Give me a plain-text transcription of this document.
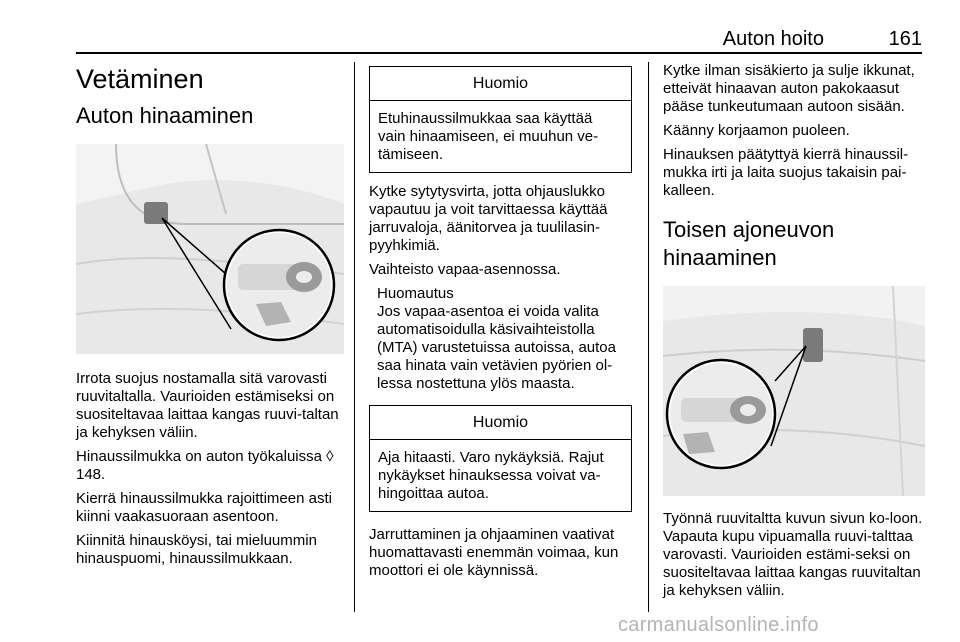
Auton hoito	161
Vetäminen
Auton hinaaminen

Irrota suojus nostamalla sitä varovasti ruuvitaltalla. Vaurioiden estämiseksi on suositeltavaa laittaa kangas ruuvi-taltan ja kehyksen väliin.

Hinaussilmukka on auton työkaluissa ◊ 148.

Kierrä hinaussilmukka rajoittimeen asti kiinni vaakasuoraan asentoon.

Kiinnitä hinausköysi, tai mieluummin hinauspuomi, hinaussilmukkaan.

Huomio
Etuhinaussilmukkaa saa käyttää vain hinaamiseen, ei muuhun ve-tämiseen.

Kytke sytytysvirta, jotta ohjauslukko vapautuu ja voit tarvittaessa käyttää jarruvaloja, äänitorvea ja tuulilasin-pyyhkimiä.

Vaihteisto vapaa-asennossa.

Huomautus
Jos vapaa-asentoa ei voida valita automatisoidulla käsivaihteistolla (MTA) varustetuissa autoissa, autoa saa hinata vain vetävien pyörien ol-lessa nostettuna ylös maasta.
Huomio
Aja hitaasti. Varo nykäyksiä. Rajut nykäykset hinauksessa voivat va-hingoittaa autoa.

Jarruttaminen ja ohjaaminen vaativat huomattavasti enemmän voimaa, kun moottori ei ole käynnissä.

Kytke ilman sisäkierto ja sulje ikkunat, etteivät hinaavan auton pakokaasut pääse tunkeutumaan autoon sisään.

Käänny korjaamon puoleen.

Hinauksen päätyttyä kierrä hinaussil-mukka irti ja laita suojus takaisin pai-kalleen.

Toisen ajoneuvon hinaaminen

Työnnä ruuvitaltta kuvun sivun ko-loon. Vapauta kupu vipuamalla ruuvi-talttaa varovasti. Vaurioiden estämi-seksi on suositeltavaa laittaa kangas ruuvitaltan ja kehyksen väliin.

carmanualsonline.info
